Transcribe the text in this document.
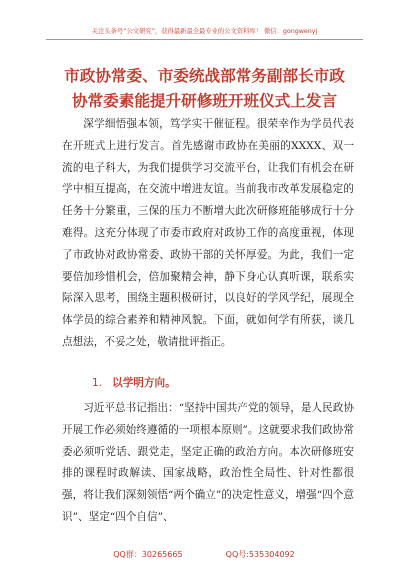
关注头条号“公文研究”，获得最新最全最专业的公文资料库！ 微信：gongwenyj
市政协常委、市委统战部常务副部长市政
协常委素能提升研修班开班仪式上发言

深学细悟强本领，笃学实干催征程。很荣幸作为学员代表在开班式上进行发言。首先感谢市政协在美丽的XXXX、双一流的电子科大，为我们提供学习交流平台，让我们有机会在研学中相互提高，在交流中增进友谊。当前我市改革发展稳定的任务十分繁重，三保的压力不断增大此次研修班能够成行十分难得。这充分体现了市委市政府对政协工作的高度重视，体现了市政协对政协常委、政协干部的关怀厚爱。为此，我们一定要倍加珍惜机会，倍加聚精会神，静下身心认真听课，联系实际深入思考，围绕主题积极研讨，以良好的学风学纪，展现全体学员的综合素养和精神风貌。下面，就如何学有所获，谈几点想法，不妥之处，敬请批评指正。

1. 以学明方向。

习近平总书记指出：“坚持中国共产党的领导，是人民政协开展工作必须始终遵循的一项根本原则”。这就要求我们政协常委必须听党话、跟党走，坚定正确的政治方向。本次研修班安排的课程时政解读、国家战略，政治性全局性、针对性都很强，将让我们深刻领悟“两个确立”的决定性意义，增强“四个意识”、坚定“四个自信”、

QQ群：30265665	QQ号:535304092
